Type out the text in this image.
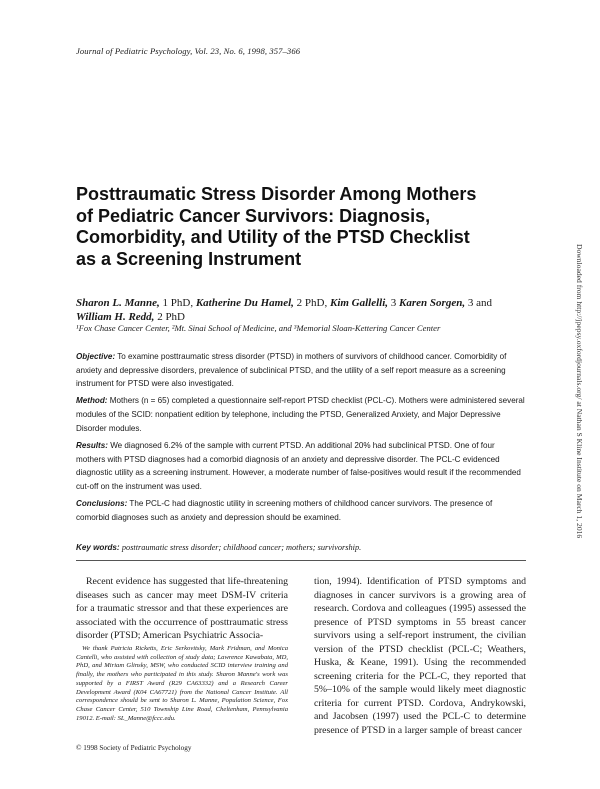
Journal of Pediatric Psychology, Vol. 23, No. 6, 1998, 357–366
Posttraumatic Stress Disorder Among Mothers
of Pediatric Cancer Survivors: Diagnosis,
Comorbidity, and Utility of the PTSD Checklist
as a Screening Instrument
Sharon L. Manne, 1 PhD, Katherine Du Hamel, 2 PhD, Kim Gallelli, 3 Karen Sorgen, 3 and
William H. Redd, 2 PhD
¹Fox Chase Cancer Center, ²Mt. Sinai School of Medicine, and ³Memorial Sloan-Kettering Cancer Center

Objective: To examine posttraumatic stress disorder (PTSD) in mothers of survivors of childhood cancer. Comorbidity of anxiety and depressive disorders, prevalence of subclinical PTSD, and the utility of a self report measure as a screening instrument for PTSD were also investigated.

Method: Mothers (n = 65) completed a questionnaire self-report PTSD checklist (PCL-C). Mothers were administered several modules of the SCID: nonpatient edition by telephone, including the PTSD, Generalized Anxiety, and Major Depressive Disorder modules.

Results: We diagnosed 6.2% of the sample with current PTSD. An additional 20% had subclinical PTSD. One of four mothers with PTSD diagnoses had a comorbid diagnosis of an anxiety and depressive disorder. The PCL-C evidenced diagnostic utility as a screening instrument. However, a moderate number of false-positives would result if the recommended cut-off on the instrument was used.

Conclusions: The PCL-C had diagnostic utility in screening mothers of childhood cancer survivors. The presence of comorbid diagnoses such as anxiety and depression should be examined.

Key words: posttraumatic stress disorder; childhood cancer; mothers; survivorship.

Recent evidence has suggested that life-threatening diseases such as cancer may meet DSM-IV criteria for a traumatic stressor and that these experiences are associated with the occurrence of posttraumatic stress disorder (PTSD; American Psychiatric Associa-

We thank Patricia Ricketts, Eric Serkovitsky, Mark Fridman, and Monica Cantelli, who assisted with collection of study data; Lawrence Kawabata, MD, PhD, and Miriam Glinsky, MSW, who conducted SCID interview training and finally, the mothers who participated in this study. Sharon Manne's work was supported by a FIRST Award (R29 CA63332) and a Research Career Development Award (K04 CA67721) from the National Cancer Institute. All correspondence should be sent to Sharon L. Manne, Population Science, Fox Chase Cancer Center, 510 Township Line Road, Cheltenham, Pennsylvania 19012. E-mail: SL_Manne@fccc.edu.

tion, 1994). Identification of PTSD symptoms and diagnoses in cancer survivors is a growing area of research. Cordova and colleagues (1995) assessed the presence of PTSD symptoms in 55 breast cancer survivors using a self-report instrument, the civilian version of the PTSD checklist (PCL-C; Weathers, Huska, & Keane, 1991). Using the recommended screening criteria for the PCL-C, they reported that 5%–10% of the sample would likely meet diagnostic criteria for current PTSD. Cordova, Andrykowski, and Jacobsen (1997) used the PCL-C to determine presence of PTSD in a larger sample of breast cancer

© 1998 Society of Pediatric Psychology
Downloaded from http://jpepsy.oxfordjournals.org/ at Nathan S Kline Institute on March 1, 2016
